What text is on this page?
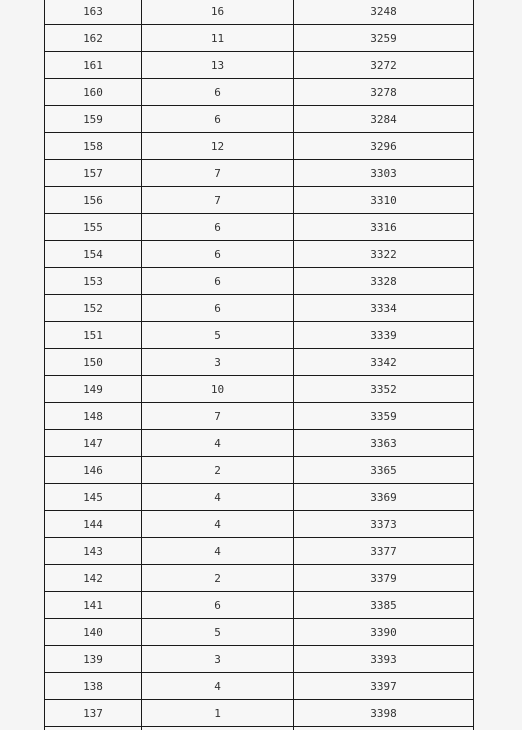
163	16	3248
162	11	3259
161	13	3272
160	6	3278
159	6	3284
158	12	3296
157	7	3303
156	7	3310
155	6	3316
154	6	3322
153	6	3328
152	6	3334
151	5	3339
150	3	3342
149	10	3352
148	7	3359
147	4	3363
146	2	3365
145	4	3369
144	4	3373
143	4	3377
142	2	3379
141	6	3385
140	5	3390
139	3	3393
138	4	3397
137	1	3398
